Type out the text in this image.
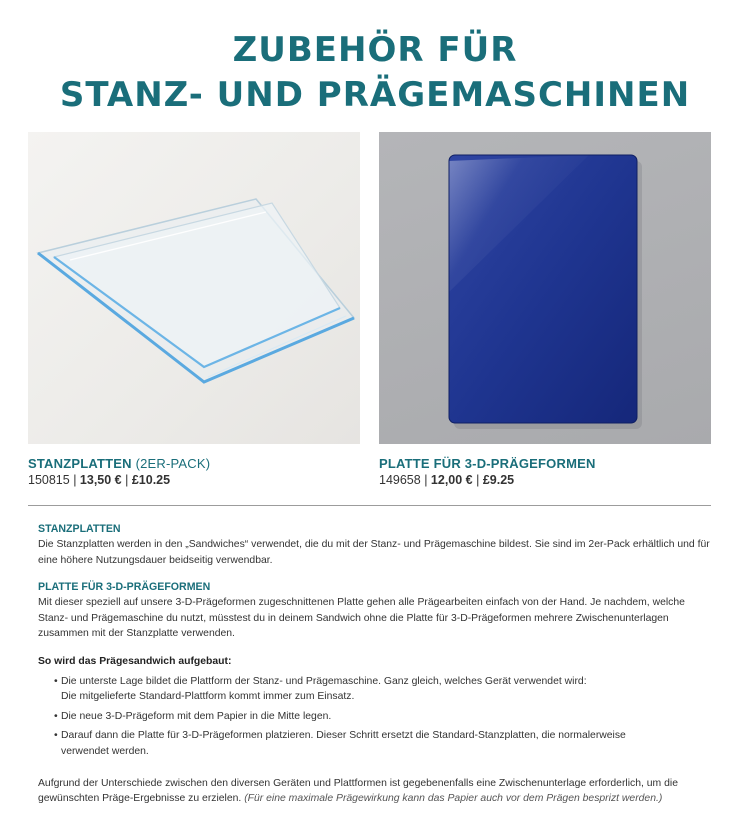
ZUBEHÖR FÜR
STANZ- UND PRÄGEMASCHINEN
STANZPLATTEN (2ER-PACK)
150815 | 13,50 € | £10.25
PLATTE FÜR 3-D-PRÄGEFORMEN
149658 | 12,00 € | £9.25

STANZPLATTEN

Die Stanzplatten werden in den „Sandwiches“ verwendet, die du mit der Stanz- und Prägemaschine bildest. Sie sind im 2er-Pack erhältlich und für eine höhere Nutzungsdauer beidseitig verwendbar.

PLATTE FÜR 3-D-PRÄGEFORMEN

Mit dieser speziell auf unsere 3-D-Prägeformen zugeschnittenen Platte gehen alle Prägearbeiten einfach von der Hand. Je nachdem, welche Stanz- und Prägemaschine du nutzt, müsstest du in deinem Sandwich ohne die Platte für 3-D-Prägeformen mehrere Zwischenunterlagen zusammen mit der Stanzplatte verwenden.

So wird das Prägesandwich aufgebaut:

• Die unterste Lage bildet die Plattform der Stanz- und Prägemaschine. Ganz gleich, welches Gerät verwendet wird:
Die mitgelieferte Standard-Plattform kommt immer zum Einsatz.
• Die neue 3-D-Prägeform mit dem Papier in die Mitte legen.
• Darauf dann die Platte für 3-D-Prägeformen platzieren. Dieser Schritt ersetzt die Standard-Stanzplatten, die normalerweise
verwendet werden.

Aufgrund der Unterschiede zwischen den diversen Geräten und Plattformen ist gegebenenfalls eine Zwischenunterlage erforderlich, um die gewünschten Präge-Ergebnisse zu erzielen. (Für eine maximale Prägewirkung kann das Papier auch vor dem Prägen besprizt werden.)
